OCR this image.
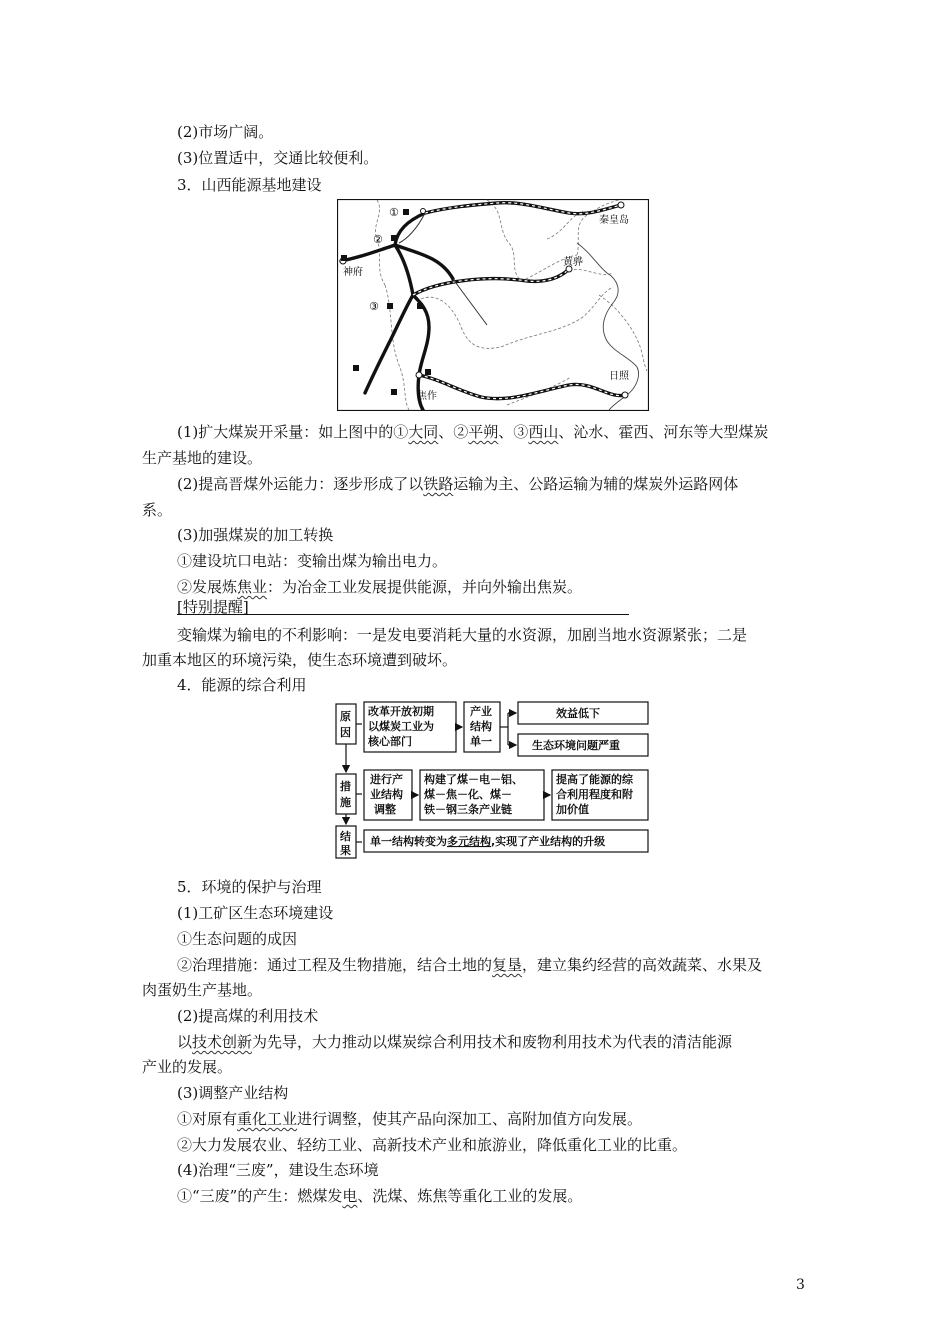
(2)市场广阔。
(3)位置适中，交通比较便利。
3．山西能源基地建设
①
②
③
秦皇岛
神府
黄骅
焦作
日照
(1)扩大煤炭开采量：如上图中的①大同、②平朔、③西山、沁水、霍西、河东等大型煤炭
生产基地的建设。
(2)提高晋煤外运能力：逐步形成了以铁路运输为主、公路运输为辅的煤炭外运路网体
系。
(3)加强煤炭的加工转换
①建设坑口电站：变输出煤为输出电力。
②发展炼焦业：为冶金工业发展提供能源，并向外输出焦炭。
[特别提醒]
变输煤为输电的不利影响：一是发电要消耗大量的水资源，加剧当地水资源紧张；二是
加重本地区的环境污染，使生态环境遭到破坏。
4．能源的综合利用
原
因
措
施
结
果
改革开放初期
以煤炭工业为
核心部门
产业
结构
单一
效益低下
生态环境问题严重
进行产
业结构
调整
构建了煤－电－铝、
煤－焦－化、煤－
铁－钢三条产业链
提高了能源的综
合利用程度和附
加价值
单一结构转变为多元结构,实现了产业结构的升级
5．环境的保护与治理
(1)工矿区生态环境建设
①生态问题的成因
②治理措施：通过工程及生物措施，结合土地的复垦，建立集约经营的高效蔬菜、水果及
肉蛋奶生产基地。
(2)提高煤的利用技术
以技术创新为先导，大力推动以煤炭综合利用技术和废物利用技术为代表的清洁能源
产业的发展。
(3)调整产业结构
①对原有重化工业进行调整，使其产品向深加工、高附加值方向发展。
②大力发展农业、轻纺工业、高新技术产业和旅游业，降低重化工业的比重。
(4)治理“三废”，建设生态环境
①“三废”的产生：燃煤发电、洗煤、炼焦等重化工业的发展。
3
